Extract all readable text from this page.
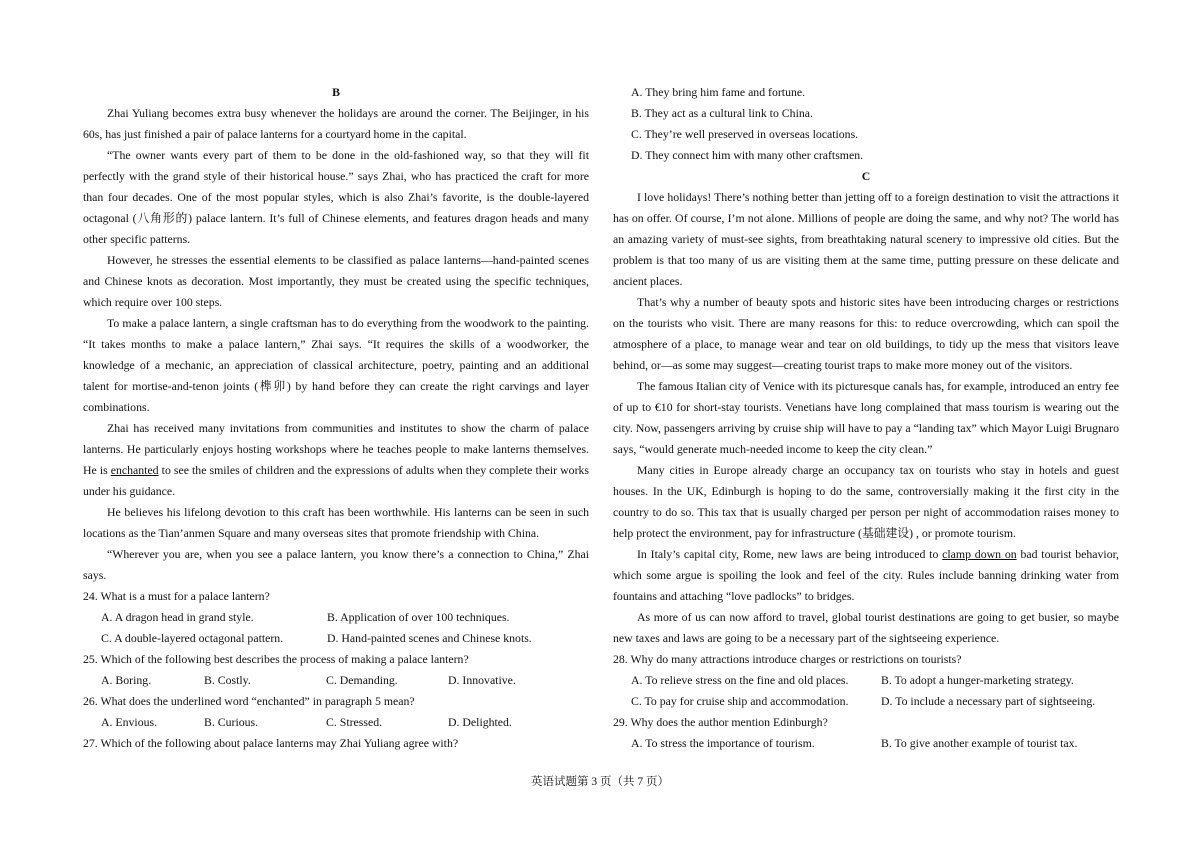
B
Zhai Yuliang becomes extra busy whenever the holidays are around the corner. The Beijinger, in his 60s, has just finished a pair of palace lanterns for a courtyard home in the capital.
“The owner wants every part of them to be done in the old-fashioned way, so that they will fit perfectly with the grand style of their historical house.” says Zhai, who has practiced the craft for more than four decades. One of the most popular styles, which is also Zhai’s favorite, is the double-layered octagonal (八角形的) palace lantern. It’s full of Chinese elements, and features dragon heads and many other specific patterns.
However, he stresses the essential elements to be classified as palace lanterns—hand-painted scenes and Chinese knots as decoration. Most importantly, they must be created using the specific techniques, which require over 100 steps.
To make a palace lantern, a single craftsman has to do everything from the woodwork to the painting. “It takes months to make a palace lantern,” Zhai says. “It requires the skills of a woodworker, the knowledge of a mechanic, an appreciation of classical architecture, poetry, painting and an additional talent for mortise-and-tenon joints (榫卯) by hand before they can create the right carvings and layer combinations.
Zhai has received many invitations from communities and institutes to show the charm of palace lanterns. He particularly enjoys hosting workshops where he teaches people to make lanterns themselves. He is enchanted to see the smiles of children and the expressions of adults when they complete their works under his guidance.
He believes his lifelong devotion to this craft has been worthwhile. His lanterns can be seen in such locations as the Tian’anmen Square and many overseas sites that promote friendship with China.
“Wherever you are, when you see a palace lantern, you know there’s a connection to China,” Zhai says.
24. What is a must for a palace lantern?
A. A dragon head in grand style.	B. Application of over 100 techniques.
C. A double-layered octagonal pattern.	D. Hand-painted scenes and Chinese knots.
25. Which of the following best describes the process of making a palace lantern?
A. Boring.	B. Costly.	C. Demanding.	D. Innovative.
26. What does the underlined word “enchanted” in paragraph 5 mean?
A. Envious.	B. Curious.	C. Stressed.	D. Delighted.
27. Which of the following about palace lanterns may Zhai Yuliang agree with?
A. They bring him fame and fortune.
B. They act as a cultural link to China.
C. They’re well preserved in overseas locations.
D. They connect him with many other craftsmen.
C
I love holidays! There’s nothing better than jetting off to a foreign destination to visit the attractions it has on offer. Of course, I’m not alone. Millions of people are doing the same, and why not? The world has an amazing variety of must-see sights, from breathtaking natural scenery to impressive old cities. But the problem is that too many of us are visiting them at the same time, putting pressure on these delicate and ancient places.
That’s why a number of beauty spots and historic sites have been introducing charges or restrictions on the tourists who visit. There are many reasons for this: to reduce overcrowding, which can spoil the atmosphere of a place, to manage wear and tear on old buildings, to tidy up the mess that visitors leave behind, or—as some may suggest—creating tourist traps to make more money out of the visitors.
The famous Italian city of Venice with its picturesque canals has, for example, introduced an entry fee of up to €10 for short-stay tourists. Venetians have long complained that mass tourism is wearing out the city. Now, passengers arriving by cruise ship will have to pay a “landing tax” which Mayor Luigi Brugnaro says, “would generate much-needed income to keep the city clean.”
Many cities in Europe already charge an occupancy tax on tourists who stay in hotels and guest houses. In the UK, Edinburgh is hoping to do the same, controversially making it the first city in the country to do so. This tax that is usually charged per person per night of accommodation raises money to help protect the environment, pay for infrastructure (基础建设) , or promote tourism.
In Italy’s capital city, Rome, new laws are being introduced to clamp down on bad tourist behavior, which some argue is spoiling the look and feel of the city. Rules include banning drinking water from fountains and attaching “love padlocks” to bridges.
As more of us can now afford to travel, global tourist destinations are going to get busier, so maybe new taxes and laws are going to be a necessary part of the sightseeing experience.
28. Why do many attractions introduce charges or restrictions on tourists?
A. To relieve stress on the fine and old places.	B. To adopt a hunger-marketing strategy.
C. To pay for cruise ship and accommodation.	D. To include a necessary part of sightseeing.
29. Why does the author mention Edinburgh?
A. To stress the importance of tourism.	B. To give another example of tourist tax.
英语试题第 3 页（共 7 页）
